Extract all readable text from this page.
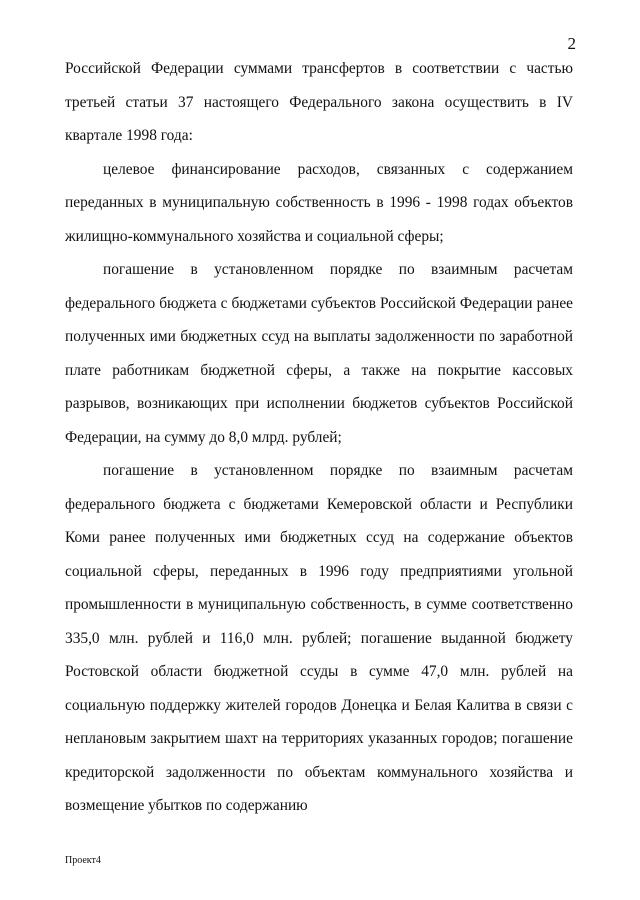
2

Российской Федерации суммами трансфертов в соответствии с частью третьей статьи 37 настоящего Федерального закона осуществить в IV квартале 1998 года:

целевое финансирование расходов, связанных с содержанием переданных в муниципальную собственность в 1996 - 1998 годах объектов жилищно-коммунального хозяйства и социальной сферы;

погашение в установленном порядке по взаимным расчетам федерального бюджета с бюджетами субъектов Российской Федерации ранее полученных ими бюджетных ссуд на выплаты задолженности по заработной плате работникам бюджетной сферы, а также на покрытие кассовых разрывов, возникающих при исполнении бюджетов субъектов Российской Федерации, на сумму до 8,0 млрд. рублей;

погашение в установленном порядке по взаимным расчетам федерального бюджета с бюджетами Кемеровской области и Республики Коми ранее полученных ими бюджетных ссуд на содержание объектов социальной сферы, переданных в 1996 году предприятиями угольной промышленности в муниципальную собственность, в сумме соответственно 335,0 млн. рублей и 116,0 млн. рублей; погашение выданной бюджету Ростовской области бюджетной ссуды в сумме 47,0 млн. рублей на социальную поддержку жителей городов Донецка и Белая Калитва в связи с неплановым закрытием шахт на территориях указанных городов; погашение кредиторской задолженности по объектам коммунального хозяйства и возмещение убытков по содержанию

Проект4
